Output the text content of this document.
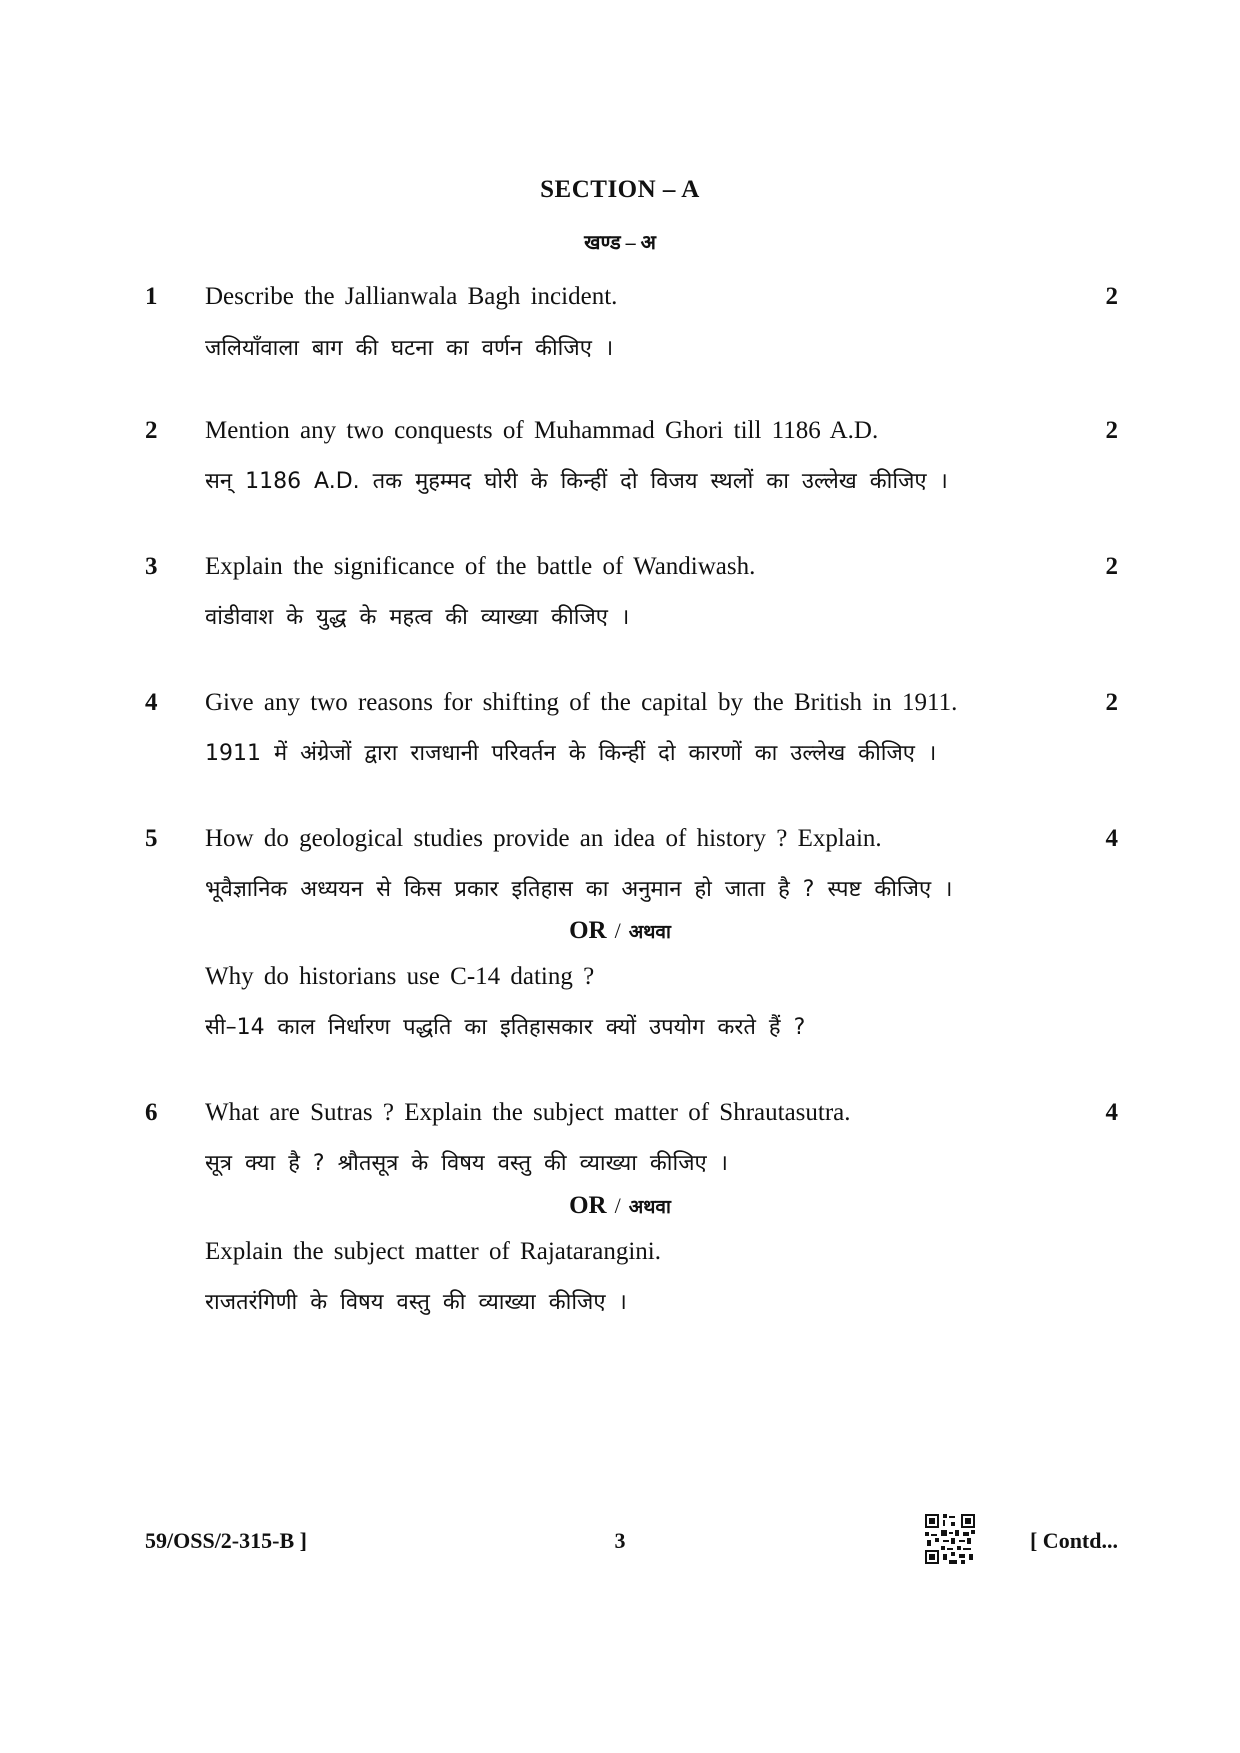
SECTION – A
खण्ड – अ
1 Describe the Jallianwala Bagh incident.	2
जलियाँवाला बाग की घटना का वर्णन कीजिए ।
2 Mention any two conquests of Muhammad Ghori till 1186 A.D.	2
सन् 1186 A.D. तक मुहम्मद घोरी के किन्हीं दो विजय स्थलों का उल्लेख कीजिए ।
3 Explain the significance of the battle of Wandiwash.	2
वांडीवाश के युद्ध के महत्व की व्याख्या कीजिए ।
4 Give any two reasons for shifting of the capital by the British in 1911.	2
1911 में अंग्रेजों द्वारा राजधानी परिवर्तन के किन्हीं दो कारणों का उल्लेख कीजिए ।
5 How do geological studies provide an idea of history ? Explain.	4
भूवैज्ञानिक अध्ययन से किस प्रकार इतिहास का अनुमान हो जाता है ? स्पष्ट कीजिए ।
OR / अथवा
Why do historians use C-14 dating ?
सी–14 काल निर्धारण पद्धति का इतिहासकार क्यों उपयोग करते हैं ?
6 What are Sutras ? Explain the subject matter of Shrautasutra.	4
सूत्र क्या है ? श्रौतसूत्र के विषय वस्तु की व्याख्या कीजिए ।
OR / अथवा
Explain the subject matter of Rajatarangini.
राजतरंगिणी के विषय वस्तु की व्याख्या कीजिए ।
59/OSS/2-315-B ]	3	[ Contd...
